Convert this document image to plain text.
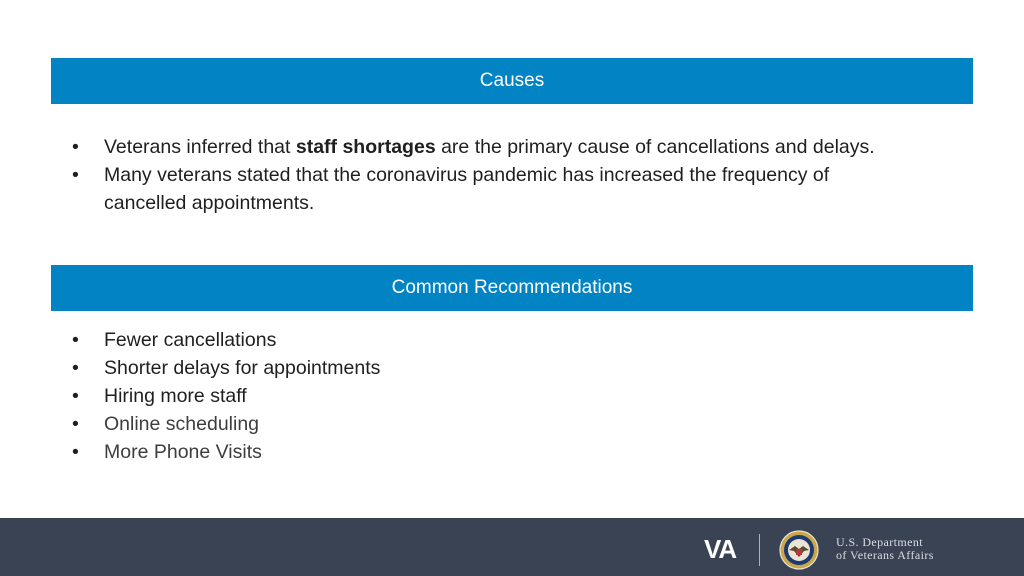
Causes
•	Veterans inferred that staff shortages are the primary cause of cancellations and delays.
•	Many veterans stated that the coronavirus pandemic has increased the frequency of cancelled appointments.
Common Recommendations
•	Fewer cancellations
•	Shorter delays for appointments
•	Hiring more staff
•	Online scheduling
•	More Phone Visits
VA	U.S. Department
of Veterans Affairs
